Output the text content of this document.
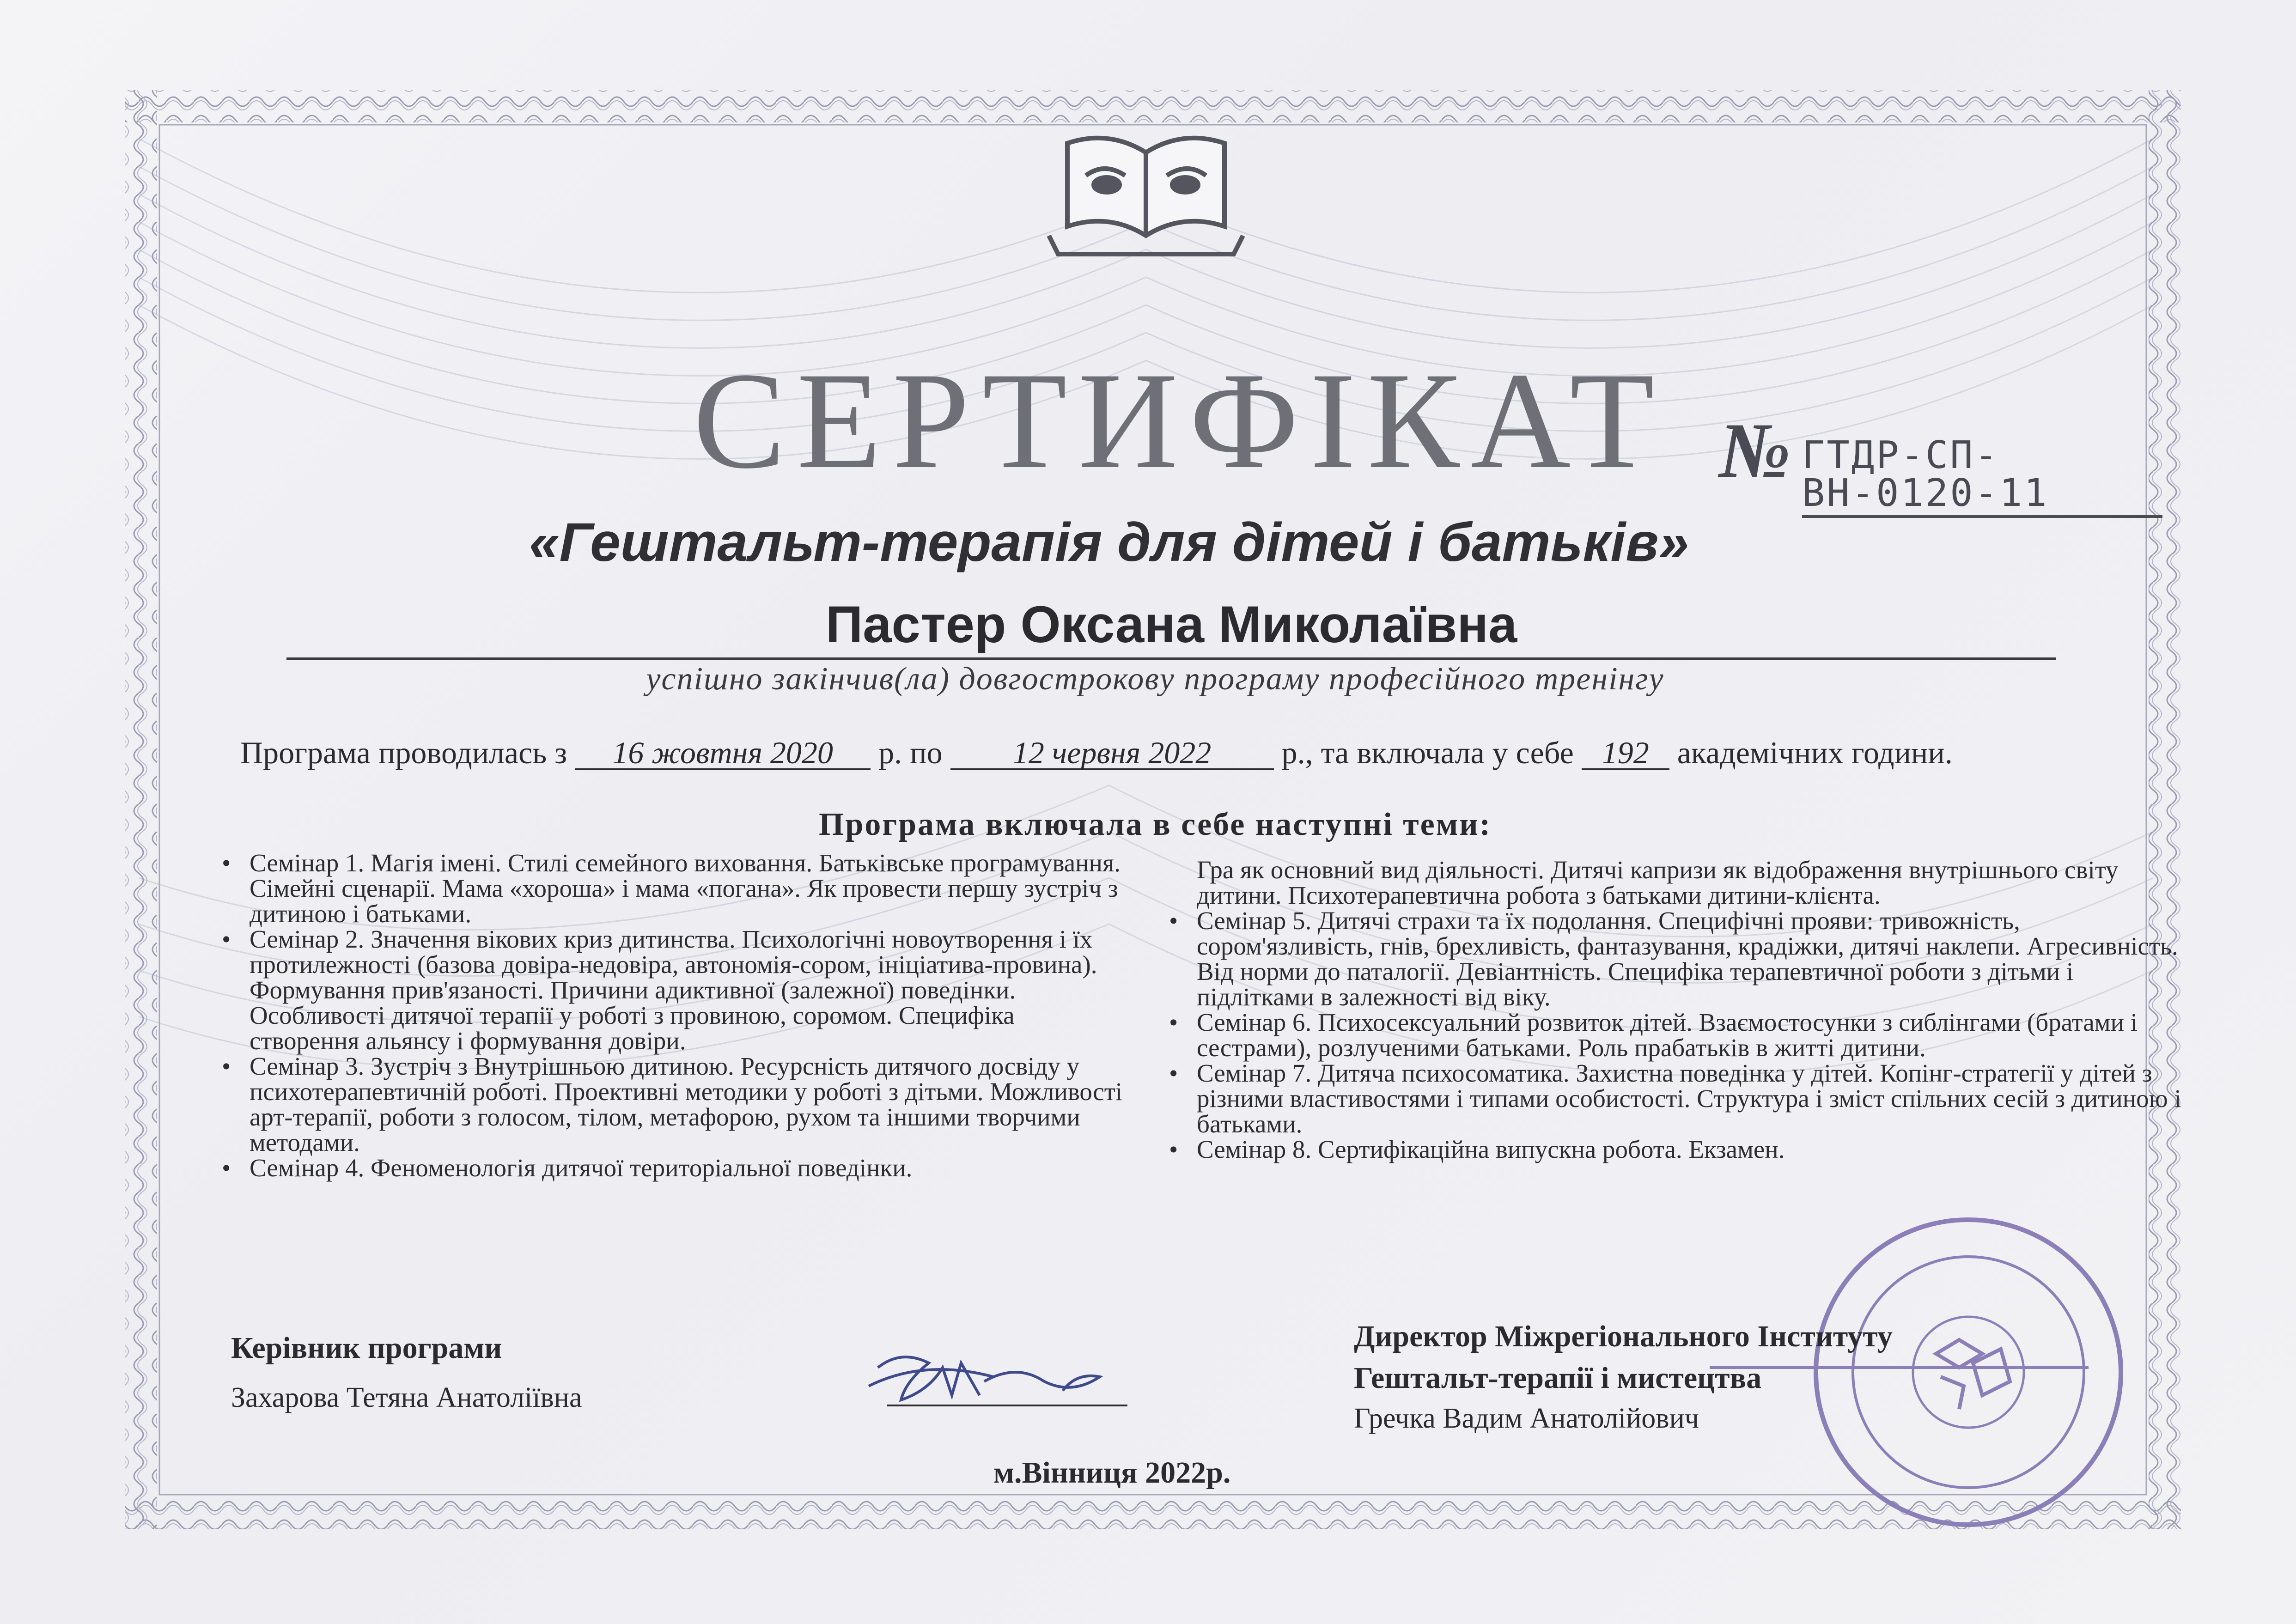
СЕРТИФІКАТ № ГТДР-СП-ВН-0120-11
«Гештальт-терапія для дітей і батьків»
Пастер Оксана Миколаївна
успішно закінчив(ла) довгострокову програму професійного тренінгу
Програма проводилась з 16 жовтня 2020 р. по 12 червня 2022 р., та включала у себе 192 академічних години.
Програма включала в себе наступні теми:
• Семінар 1. Магія імені. Стилі семейного виховання. Батьківське програмування. Сімейні сценарії. Мама «хороша» і мама «погана». Як провести першу зустріч з дитиною і батьками.
• Семінар 2. Значення вікових криз дитинства. Психологічні новоутворення і їх протилежності (базова довіра-недовіра, автономія-сором, ініціатива-провина). Формування прив'язаності. Причини адиктивної (залежної) поведінки. Особливості дитячої терапії у роботі з провиною, соромом. Специфіка створення альянсу і формування довіри.
• Семінар 3. Зустріч з Внутрішньою дитиною. Ресурсність дитячого досвіду у психотерапевтичній роботі. Проективні методики у роботі з дітьми. Можливості арт-терапії, роботи з голосом, тілом, метафорою, рухом та іншими творчими методами.
• Семінар 4. Феноменологія дитячої територіальної поведінки.
Гра як основний вид діяльності. Дитячі капризи як відображення внутрішнього світу дитини. Психотерапевтична робота з батьками дитини-клієнта.
• Семінар 5. Дитячі страхи та їх подолання. Специфічні прояви: тривожність, сором'язливість, гнів, брехливість, фантазування, крадіжки, дитячі наклепи. Агресивність. Від норми до паталогії. Девіантність. Специфіка терапевтичної роботи з дітьми і підлітками в залежності від віку.
• Семінар 6. Психосексуальний розвиток дітей. Взаємостосунки з сиблінгами (братами і сестрами), розлученими батьками. Роль прабатьків в житті дитини.
• Семінар 7. Дитяча психосоматика. Захистна поведінка у дітей. Копінг-стратегії у дітей з різними властивостями і типами особистості. Структура і зміст спільних сесій з дитиною і батьками.
• Семінар 8. Сертифікаційна випускна робота. Екзамен.
Керівник програми
Захарова Тетяна Анатоліївна
Директор Міжрегіонального Інституту
Гештальт-терапії і мистецтва
Гречка Вадим Анатолійович
м.Вінниця 2022р.
